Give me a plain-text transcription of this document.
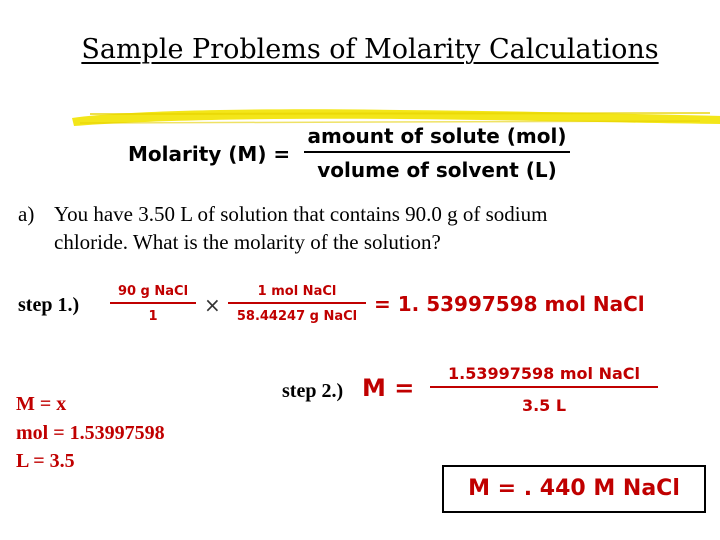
Sample Problems of Molarity Calculations
Molarity (M) =
amount of solute (mol)
volume of solvent (L)
a) You have 3.50 L of solution that contains 90.0 g of sodium
chloride. What is the molarity of the solution?
step 1.)
90 g NaCl
1	×
1 mol NaCl
58.44247 g NaCl
= 1. 53997598 mol NaCl
step 2.) M =
1.53997598 mol NaCl
3.5 L
M = x
mol = 1.53997598
L = 3.5
M = . 440 M NaCl
